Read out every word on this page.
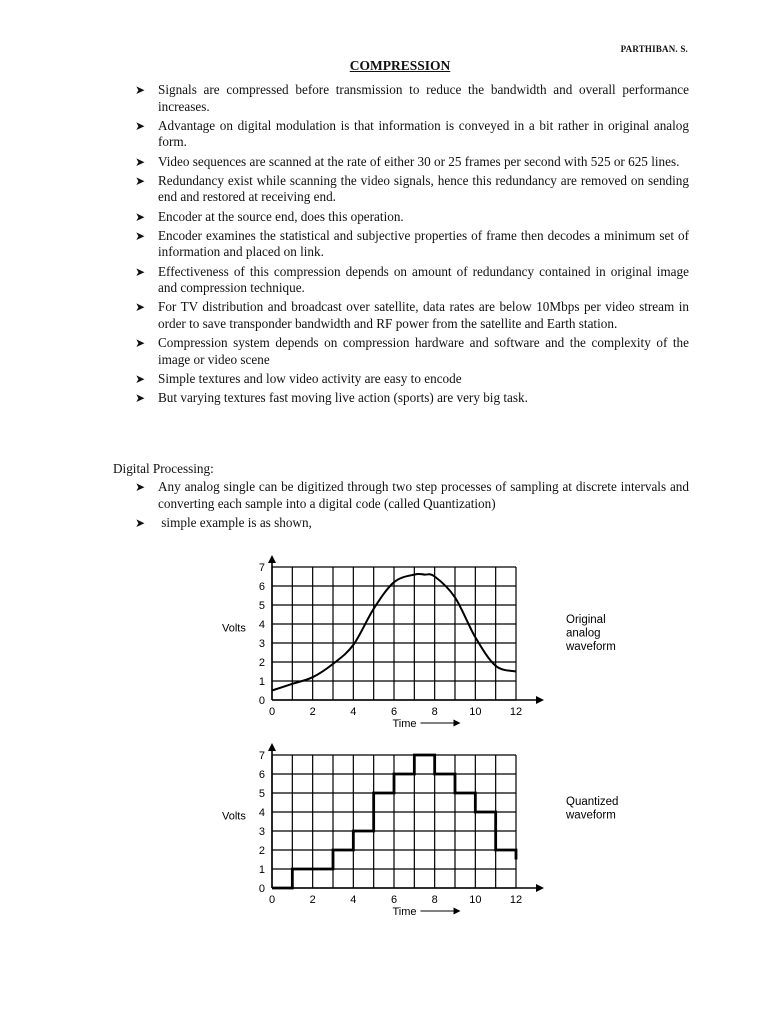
PARTHIBAN. S.
COMPRESSION
➤ Signals are compressed before transmission to reduce the bandwidth and overall performance increases.
➤ Advantage on digital modulation is that information is conveyed in a bit rather in original analog form.
➤ Video sequences are scanned at the rate of either 30 or 25 frames per second with 525 or 625 lines.
➤ Redundancy exist while scanning the video signals, hence this redundancy are removed on sending end and restored at receiving end.
➤ Encoder at the source end, does this operation.
➤ Encoder examines the statistical and subjective properties of frame then decodes a minimum set of information and placed on link.
➤ Effectiveness of this compression depends on amount of redundancy contained in original image and compression technique.
➤ For TV distribution and broadcast over satellite, data rates are below 10Mbps per video stream in order to save transponder bandwidth and RF power from the satellite and Earth station.
➤ Compression system depends on compression hardware and software and the complexity of the image or video scene
➤ Simple textures and low video activity are easy to encode
➤ But varying textures fast moving live action (sports) are very big task.
Digital Processing:
➤ Any analog single can be digitized through two step processes of sampling at discrete intervals and converting each sample into a digital code (called Quantization)
➤ simple example is as shown,
0	2	4	6	8	10	12
0
1
2
3
4
5
6
7
Time
Volts
Original
analog
waveform
0	2	4	6	8	10	12
0
1
2
3
4
5
6
7
Time
Volts
Quantized
waveform
